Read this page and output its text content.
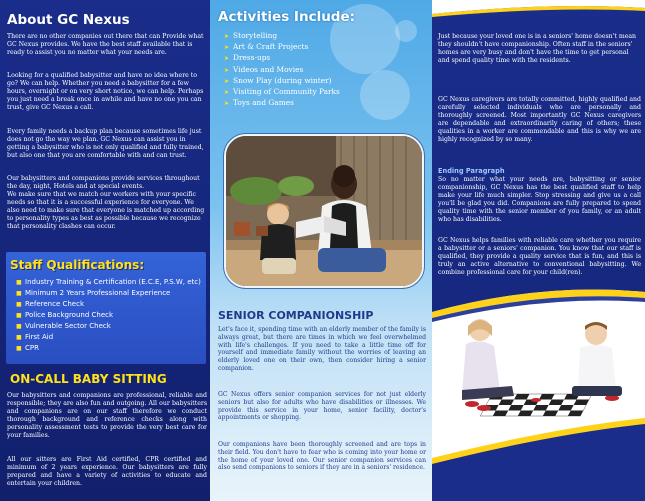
About GC Nexus
There are no other companies out there that can Provide what GC Nexus provides. We have the best staff available that is ready to assist you no matter what your needs are.
Looking for a qualified babysitter and have no idea where to go? We can help. Whether you need a babysitter for a few hours, overnight or on very short notice, we can help. Perhaps you just need a break once in awhile and have no one you can trust, give GC Nexus a call.
Every family needs a backup plan because sometimes life just does not go the way we plan. GC Nexus can assist you in getting a babysitter who is not only qualified and fully trained, but also one that you are comfortable with and can trust.
Our babysitters and companions provide services throughout the day, night, Hotels and at special events.
We make sure that we match our workers with your specific needs so that it is a successful experience for everyone. We also need to make sure that everyone is matched up according to personality types as best as possible because we recognize that personality clashes can occur.
Staff Qualifications:
■ Industry Training & Certification (E.C.E, P.S.W, etc)
■ Minimum 2 Years Professional Experience
■ Reference Check
■ Police Background Check
■ Vulnerable Sector Check
■ First Aid
■ CPR
ON-CALL BABY SITTING
Our babysitters and companions are professional, reliable and responsible; they are also fun and outgoing. All our babysitters and companions are on our staff therefore we conduct thorough background and reference checks along with personality assessment tests to provide the very best care for your families.
All our sitters are First Aid certified, CPR certified and minimum of 2 years experience. Our babysitters are fully prepared and have a variety of activities to educate and entertain your children.
Activities Include:
➤ Storytelling
➤ Art & Craft Projects
➤ Dress-ups
➤ Videos and Movies
➤ Snow Play (during winter)
➤ Visiting of Community Parks
➤ Toys and Games
SENIOR COMPANIONSHIP
Let's face it, spending time with an elderly member of the family is always great, but there are times in which we feel overwhelmed with life's challenges. If you need to take a little time off for yourself and immediate family without the worries of leaving an elderly loved one on their own, then consider hiring a senior companion.
GC Nexus offers senior companion services for not just elderly seniors but also for adults who have disabilities or illnesses. We provide this service in your home, senior facility, doctor's appointments or shopping.
Our companions have been thoroughly screened and are tops in their field. You don't have to fear who is coming into your home or the home of your loved one. Our senior companion services can also send companions to seniors if they are in a seniors' residence.
Just because your loved one is in a seniors' home doesn't mean they shouldn't have companionship. Often staff in the seniors' homes are very busy and don't have the time to get personal and spend quality time with the residents.
GC Nexus caregivers are totally committed, highly qualified and carefully selected individuals who are personally and thoroughly screened. Most importantly GC Nexus caregivers are dependable and extraordinarily caring of others; these qualities in a worker are commendable and this is why we are highly recognized by so many.
Ending Paragraph
So no matter what your needs are, babysitting or senior companionship, GC Nexus has the best qualified staff to help make your life much simpler. Stop stressing and give us a call you'll be glad you did. Companions are fully prepared to spend quality time with the senior member of you family, or an adult who has disabilities.
GC Nexus helps families with reliable care whether you require a babysitter or a seniors' companion. You know that our staff is qualified, they provide a quality service that is fun, and this is truly an active alternative to conventional babysitting. We combine professional care for your child(ren).
